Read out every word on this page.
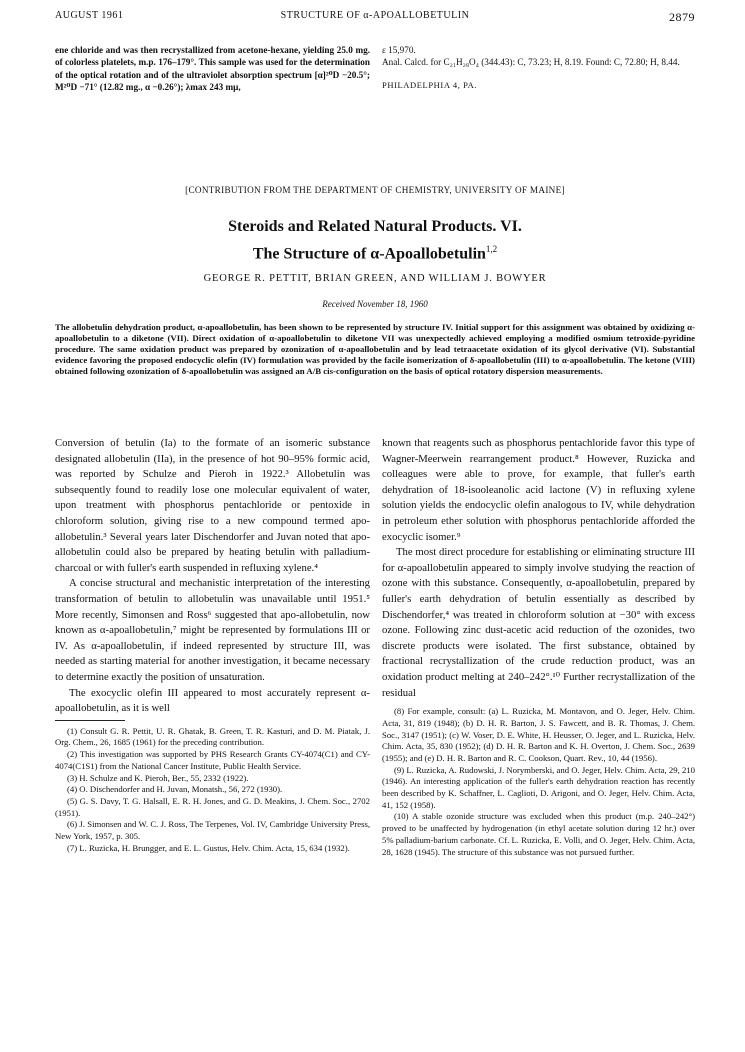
AUGUST 1961	STRUCTURE OF α-APOALLOBETULIN	2879
ene chloride and was then recrystallized from acetone-hexane, yielding 25.0 mg. of colorless platelets, m.p. 176–179°. This sample was used for the determination of the optical rotation and of the ultraviolet absorption spectrum [α]²⁰D −20.5°; M²⁰D −71° (12.82 mg., α −0.26°); λmax 243 mμ,

ε 15,970.

Anal. Calcd. for C₂₁H₂₈O₄ (344.43): C, 73.23; H, 8.19. Found: C, 72.80; H, 8.44.

PHILADELPHIA 4, PA.

[CONTRIBUTION FROM THE DEPARTMENT OF CHEMISTRY, UNIVERSITY OF MAINE]
Steroids and Related Natural Products. VI.
The Structure of α-Apoallobetulin$^{1,2}$
GEORGE R. PETTIT, BRIAN GREEN, AND WILLIAM J. BOWYER
Received November 18, 1960
The allobetulin dehydration product, α-apoallobetulin, has been shown to be represented by structure IV. Initial support for this assignment was obtained by oxidizing α-apoallobetulin to a diketone (VII). Direct oxidation of α-apoallobetulin to diketone VII was unexpectedly achieved employing a modified osmium tetroxide-pyridine procedure. The same oxidation product was prepared by ozonization of α-apoallobetulin and by lead tetraacetate oxidation of its glycol derivative (VI). Substantial evidence favoring the proposed endocyclic olefin (IV) formulation was provided by the facile isomerization of δ-apoallobetulin (III) to α-apoallobetulin. The ketone (VIII) obtained following ozonization of δ-apoallobetulin was assigned an A/B cis-configuration on the basis of optical rotatory dispersion measurements.

Conversion of betulin (Ia) to the formate of an isomeric substance designated allobetulin (IIa), in the presence of hot 90–95% formic acid, was reported by Schulze and Pieroh in 1922.³ Allobetulin was subsequently found to readily lose one molecular equivalent of water, upon treatment with phosphorus pentachloride or pentoxide in chloroform solution, giving rise to a new compound termed apo-allobetulin.³ Several years later Dischendorfer and Juvan noted that apo-allobetulin could also be prepared by heating betulin with palladium-charcoal or with fuller's earth suspended in refluxing xylene.⁴

A concise structural and mechanistic interpretation of the interesting transformation of betulin to allobetulin was unavailable until 1951.⁵ More recently, Simonsen and Ross⁶ suggested that apo-allobetulin, now known as α-apoallobetulin,⁷ might be represented by formulations III or IV. As α-apoallobetulin, if indeed represented by structure III, was needed as starting material for another investigation, it became necessary to determine exactly the position of unsaturation.

The exocyclic olefin III appeared to most accurately represent α-apoallobetulin, as it is well

(1) Consult G. R. Pettit, U. R. Ghatak, B. Green, T. R. Kasturi, and D. M. Piatak, J. Org. Chem., 26, 1685 (1961) for the preceding contribution.

(2) This investigation was supported by PHS Research Grants CY-4074(C1) and CY-4074(C1S1) from the National Cancer Institute, Public Health Service.

(3) H. Schulze and K. Pieroh, Ber., 55, 2332 (1922).

(4) O. Dischendorfer and H. Juvan, Monatsh., 56, 272 (1930).

(5) G. S. Davy, T. G. Halsall, E. R. H. Jones, and G. D. Meakins, J. Chem. Soc., 2702 (1951).

(6) J. Simonsen and W. C. J. Ross, The Terpenes, Vol. IV, Cambridge University Press, New York, 1957, p. 305.

(7) L. Ruzicka, H. Brungger, and E. L. Gustus, Helv. Chim. Acta, 15, 634 (1932).

known that reagents such as phosphorus pentachloride favor this type of Wagner-Meerwein rearrangement product.⁸ However, Ruzicka and colleagues were able to prove, for example, that fuller's earth dehydration of 18-isooleanolic acid lactone (V) in refluxing xylene solution yields the endocyclic olefin analogous to IV, while dehydration in petroleum ether solution with phosphorus pentachloride afforded the exocyclic isomer.⁹

The most direct procedure for establishing or eliminating structure III for α-apoallobetulin appeared to simply involve studying the reaction of ozone with this substance. Consequently, α-apoallobetulin, prepared by fuller's earth dehydration of betulin essentially as described by Dischendorfer,⁴ was treated in chloroform solution at −30° with excess ozone. Following zinc dust-acetic acid reduction of the ozonides, two discrete products were isolated. The first substance, obtained by fractional recrystallization of the crude reduction product, was an oxidation product melting at 240–242°.¹⁰ Further recrystallization of the residual

(8) For example, consult: (a) L. Ruzicka, M. Montavon, and O. Jeger, Helv. Chim. Acta, 31, 819 (1948); (b) D. H. R. Barton, J. S. Fawcett, and B. R. Thomas, J. Chem. Soc., 3147 (1951); (c) W. Voser, D. E. White, H. Heusser, O. Jeger, and L. Ruzicka, Helv. Chim. Acta, 35, 830 (1952); (d) D. H. R. Barton and K. H. Overton, J. Chem. Soc., 2639 (1955); and (e) D. H. R. Barton and R. C. Cookson, Quart. Rev., 10, 44 (1956).

(9) L. Ruzicka, A. Rudowski, J. Norymberski, and O. Jeger, Helv. Chim. Acta, 29, 210 (1946). An interesting application of the fuller's earth dehydration reaction has recently been described by K. Schaffner, L. Caglioti, D. Arigoni, and O. Jeger, Helv. Chim. Acta, 41, 152 (1958).

(10) A stable ozonide structure was excluded when this product (m.p. 240–242°) proved to be unaffected by hydrogenation (in ethyl acetate solution during 12 hr.) over 5% palladium-barium carbonate. Cf. L. Ruzicka, E. Volli, and O. Jeger, Helv. Chim. Acta, 28, 1628 (1945). The structure of this substance was not pursued further.
